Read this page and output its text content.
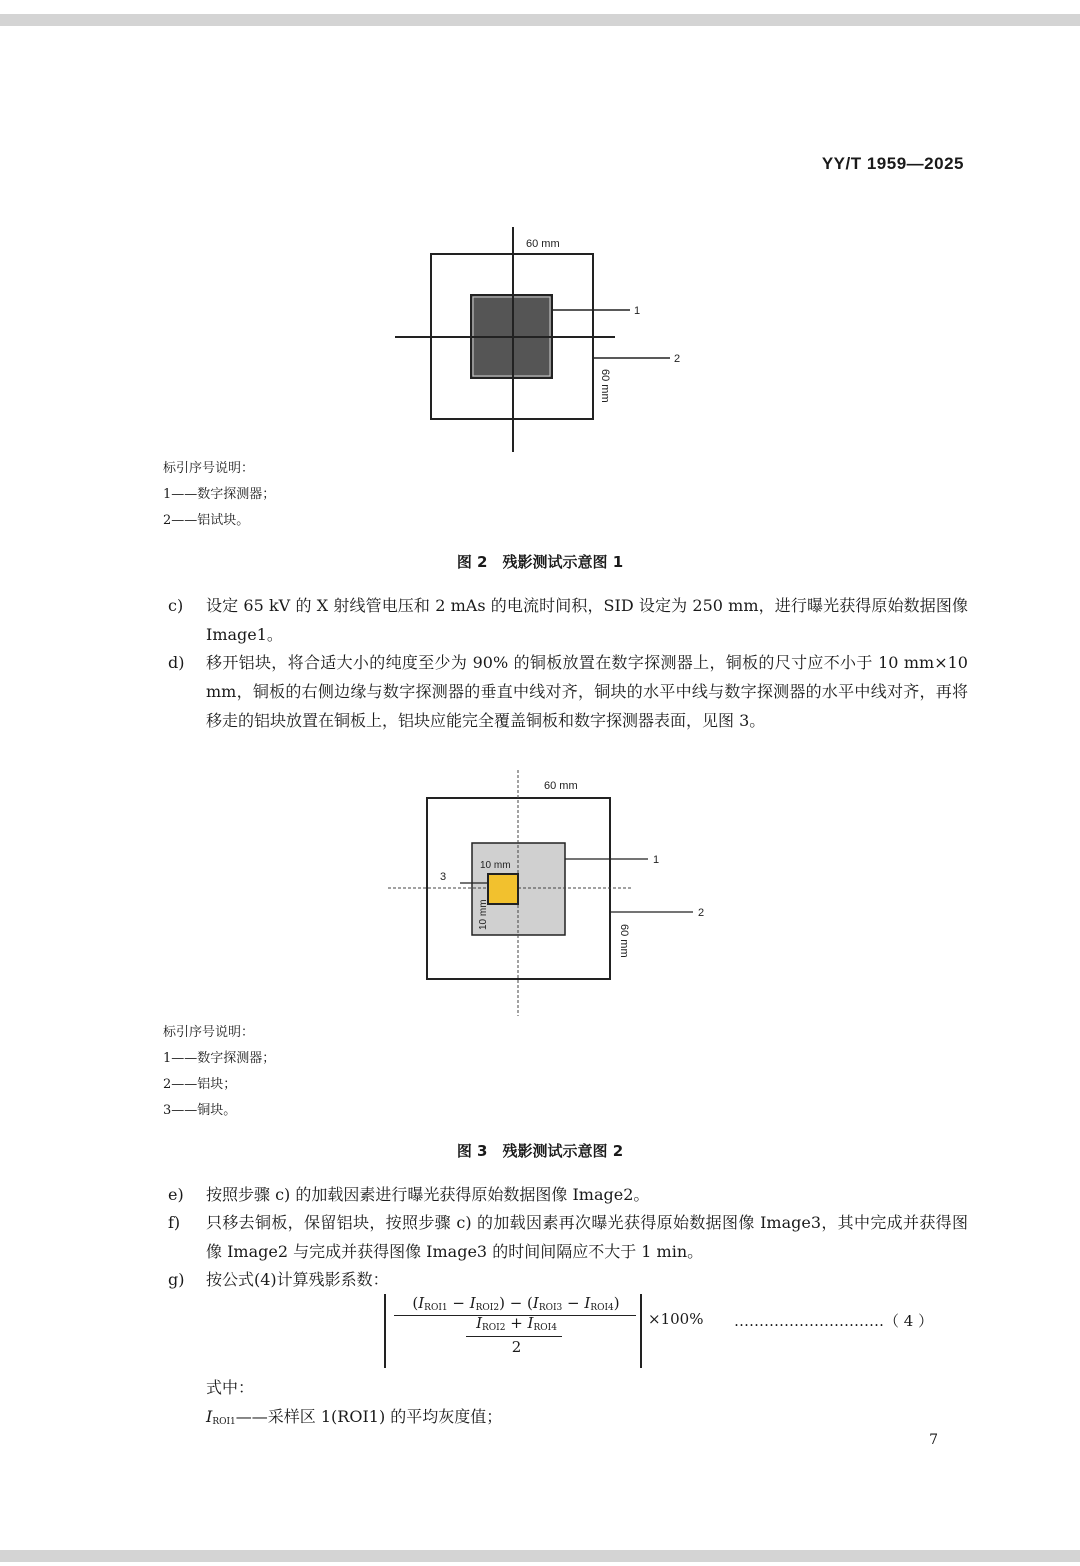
YY/T 1959—2025
60 mm
1
2
60 mm
标引序号说明：
1——数字探测器；
2——铝试块。
图 2　残影测试示意图 1
c) 设定 65 kV 的 X 射线管电压和 2 mAs 的电流时间积，SID 设定为 250 mm，进行曝光获得原始数据图像 Image1。
d) 移开铝块，将合适大小的纯度至少为 90% 的铜板放置在数字探测器上，铜板的尺寸应不小于 10 mm×10 mm，铜板的右侧边缘与数字探测器的垂直中线对齐，铜块的水平中线与数字探测器的水平中线对齐，再将移走的铝块放置在铜板上，铝块应能完全覆盖铜板和数字探测器表面，见图 3。
60 mm
10 mm
10 mm
1
2
3
60 mm
标引序号说明：
1——数字探测器；
2——铝块；
3——铜块。
图 3　残影测试示意图 2
e) 按照步骤 c) 的加载因素进行曝光获得原始数据图像 Image2。
f) 只移去铜板，保留铝块，按照步骤 c) 的加载因素再次曝光获得原始数据图像 Image3，其中完成并获得图像 Image2 与完成并获得图像 Image3 的时间间隔应不大于 1 min。
g) 按公式(4)计算残影系数：
$(I_{ROI1} - I_{ROI2}) - (I_{ROI3} - I_{ROI4})$
$I_{ROI2} + I_{ROI4}$
2
×100% …………………………（ 4 ）
式中：
$I_{ROI1}——$采样区 1(ROI1) 的平均灰度值；
7
